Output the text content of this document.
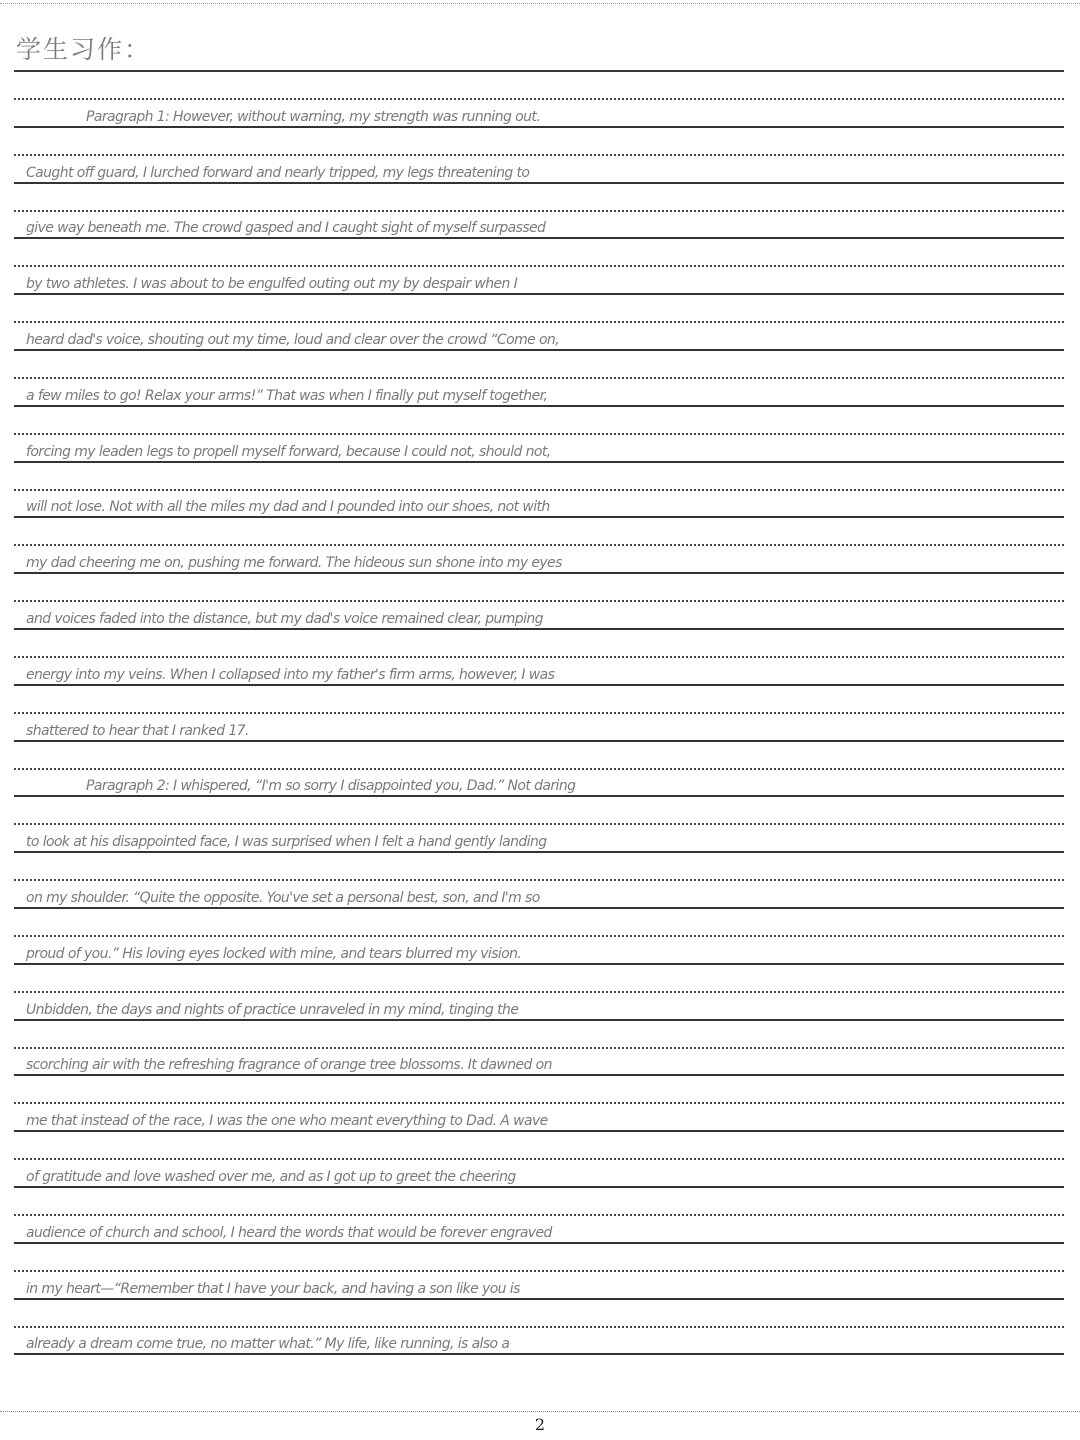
学生习作：
Paragraph 1: However, without warning, my strength was running out.
Caught off guard, I lurched forward and nearly tripped, my legs threatening to
give way beneath me. The crowd gasped and I caught sight of myself surpassed
by two athletes. I was about to be engulfed outing out my by despair when I
heard dad's voice, shouting out my time, loud and clear over the crowd “Come on,
a few miles to go! Relax your arms!” That was when I finally put myself together,
forcing my leaden legs to propell myself forward, because I could not, should not,
will not lose. Not with all the miles my dad and I pounded into our shoes, not with
my dad cheering me on, pushing me forward. The hideous sun shone into my eyes
and voices faded into the distance, but my dad's voice remained clear, pumping
energy into my veins. When I collapsed into my father's firm arms, however, I was
shattered to hear that I ranked 17.
Paragraph 2: I whispered, “I'm so sorry I disappointed you, Dad.” Not daring
to look at his disappointed face, I was surprised when I felt a hand gently landing
on my shoulder. “Quite the opposite. You've set a personal best, son, and I'm so
proud of you.” His loving eyes locked with mine, and tears blurred my vision.
Unbidden, the days and nights of practice unraveled in my mind, tinging the
scorching air with the refreshing fragrance of orange tree blossoms. It dawned on
me that instead of the race, I was the one who meant everything to Dad. A wave
of gratitude and love washed over me, and as I got up to greet the cheering
audience of church and school, I heard the words that would be forever engraved
in my heart—“Remember that I have your back, and having a son like you is
already a dream come true, no matter what.” My life, like running, is also a
2
